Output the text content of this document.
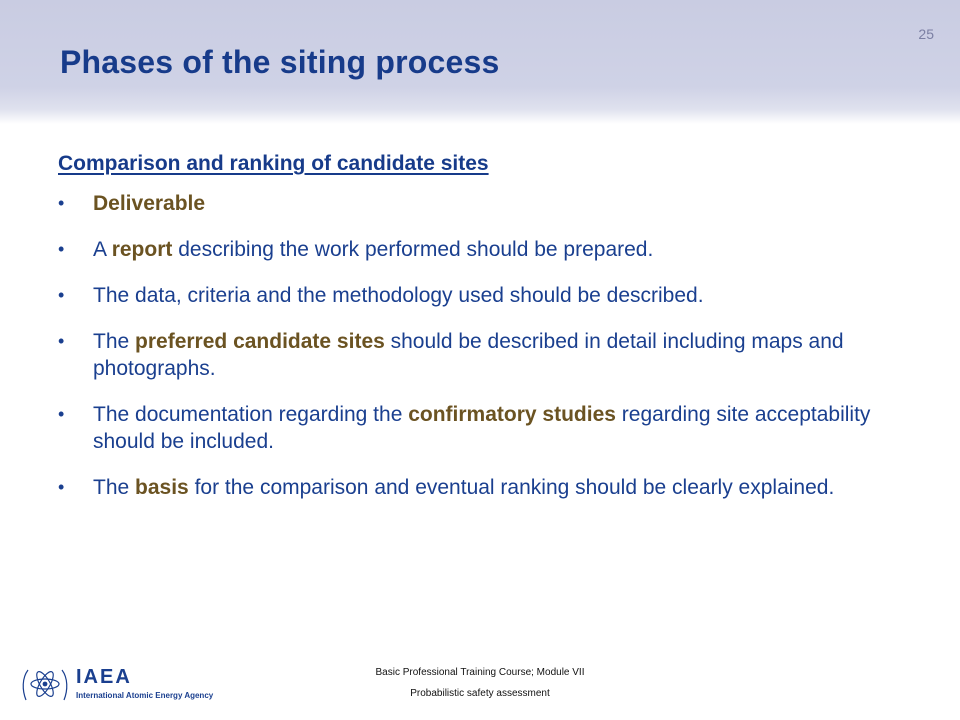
25
Phases of the siting process
Comparison and ranking of candidate sites
• Deliverable
• A report describing the work performed should be prepared.
• The data, criteria and the methodology used should be described.
• The preferred candidate sites should be described in detail including maps and photographs.
• The documentation regarding the confirmatory studies regarding site acceptability should be included.
• The basis for the comparison and eventual ranking should be clearly explained.
IAEA
International Atomic Energy Agency
Basic Professional Training Course; Module VII
Probabilistic safety assessment
